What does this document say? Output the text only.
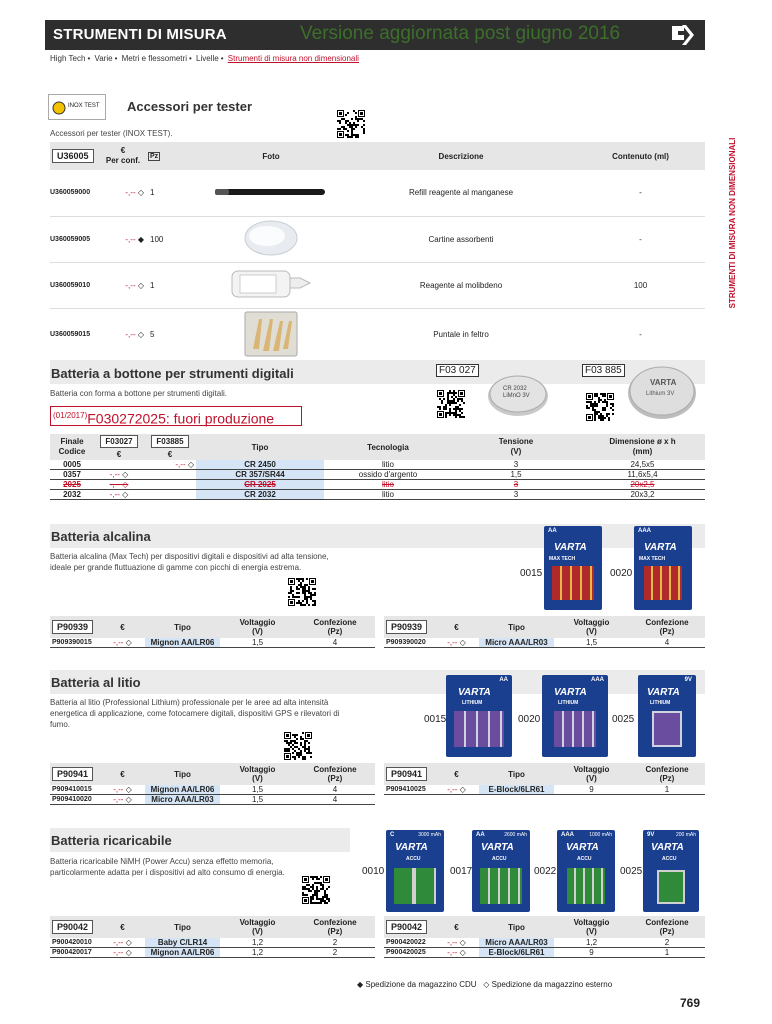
STRUMENTI DI MISURA	Versione aggiornata post giugno 2016
High Tech • Varie • Metri e flessometri • Livelle • Strumenti di misura non dimensionali
STRUMENTI DI MISURA NON DIMENSIONALI
INOX TEST Accessori per tester
Accessori per tester (INOX TEST).
U36005	€
Per conf.	Pz	Foto	Descrizione	Contenuto (ml)
U360059000	-,-- ◇	1		Refill reagente al manganese	-
U360059005	-,-- ◆	100		Cartine assorbenti	-
U360059010	-,-- ◇	1		Reagente al molibdeno	100
U360059015	-,-- ◇	5		Puntale in feltro	-
Batteria a bottone per strumenti digitali
Batteria con forma a bottone per strumenti digitali.
$^{(01/2017)}$F030272025: fuori produzione
F03 027
CR 2032
LiMnO 3V
F03 885
VARTA
Lithium 3V
Finale
Codice	F03027	F03885	Tipo	Tecnologia	Tensione
(V)	Dimensione ø x h
(mm)
	€	€				
0005		-,-- ◇	CR 2450	litio	3	24,5x5
0357	-,-- ◇		CR 357/SR44	ossido d'argento	1,5	11,6x5,4
2025	-,-- ◇		CR 2025	litio	3	20x2,5
2032	-,-- ◇		CR 2032	litio	3	20x3,2
Batteria alcalina
Batteria alcalina (Max Tech) per dispositivi digitali e dispositivi ad alta tensione, ideale per grande fluttuazione di gamme con picchi di energia estrema.
0015
AA
VARTA
MAX TECH
0020
AAA
VARTA
MAX TECH
P90939	€	Tipo	Voltaggio
(V)	Confezione
(Pz)
P909390015	-,-- ◇	Mignon AA/LR06	1,5	4
P90939	€	Tipo	Voltaggio
(V)	Confezione
(Pz)
P909390020	-,-- ◇	Micro AAA/LR03	1,5	4
Batteria al litio
Batteria al litio (Professional Lithium) professionale per le aree ad alta intensità energetica di applicazione, come fotocamere digitali, dispositivi GPS e rilevatori di fumo.	0015
AA
VARTA
LITHIUM
0020
AAA
VARTA
LITHIUM
0025
9V
VARTA
LITHIUM
P90941	€	Tipo	Voltaggio
(V)	Confezione
(Pz)
P909410015	-,-- ◇	Mignon AA/LR06	1,5	4
P909410020	-,-- ◇	Micro AAA/LR03	1,5	4
P90941	€	Tipo	Voltaggio
(V)	Confezione
(Pz)
P909410025	-,-- ◇	E-Block/6LR61	9	1
Batteria ricaricabile
Batteria ricaricabile NiMH (Power Accu) senza effetto memoria, particolarmente adatta per i dispositivi ad alto consumo di energia.	0010
C	3000 mAh
VARTA
ACCU
0017
AA	2600 mAh
VARTA
ACCU
0022
AAA	1000 mAh
VARTA
ACCU
0025
9V	200 mAh
VARTA
ACCU
P90042	€	Tipo	Voltaggio
(V)	Confezione
(Pz)
P900420010	-,-- ◇	Baby C/LR14	1,2	2
P900420017	-,-- ◇	Mignon AA/LR06	1,2	2
P90042	€	Tipo	Voltaggio
(V)	Confezione
(Pz)
P900420022	-,-- ◇	Micro AAA/LR03	1,2	2
P900420025	-,-- ◇	E-Block/6LR61	9	1
◆ Spedizione da magazzino CDU ◇ Spedizione da magazzino esterno
769
